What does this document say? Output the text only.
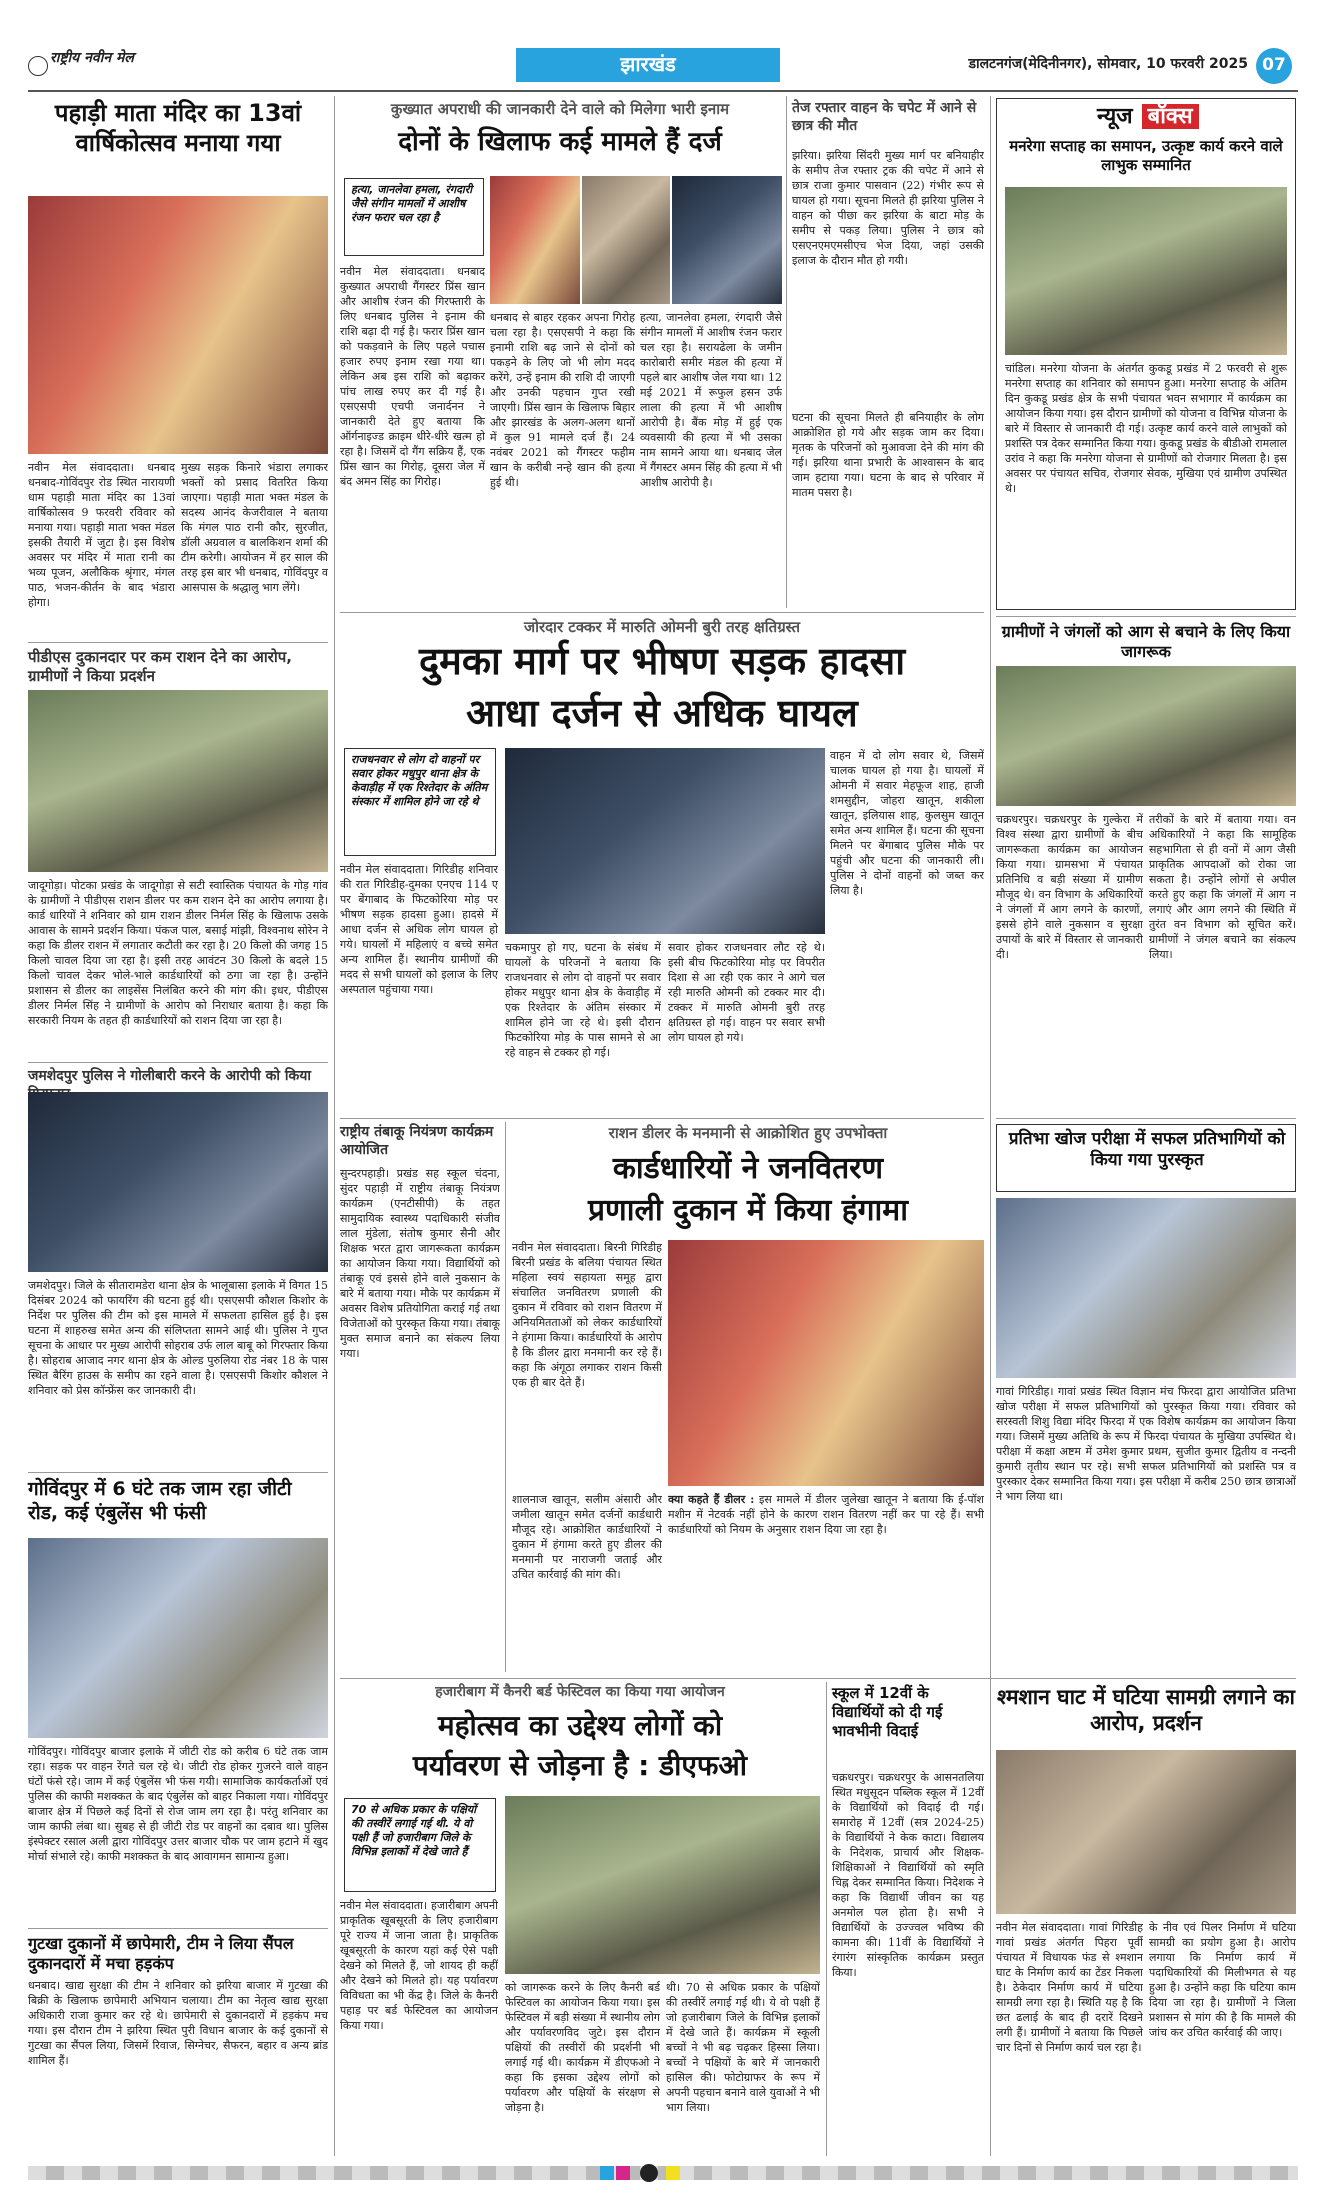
राष्ट्रीय नवीन मेल	झारखंड	डालटनगंज(मेदिनीनगर), सोमवार, 10 फरवरी 2025 07
पहाड़ी माता मंदिर का 13वां वार्षिकोत्सव मनाया गया
नवीन मेल संवाददाता। धनबाद धनबाद-गोविंदपुर रोड स्थित नारायणी धाम पहाड़ी माता मंदिर का 13वां वार्षिकोत्सव 9 फरवरी रविवार को मनाया गया। पहाड़ी माता भक्त मंडल इसकी तैयारी में जुटा है। इस विशेष अवसर पर मंदिर में माता रानी का भव्य पूजन, अलौकिक श्रृंगार, मंगल पाठ, भजन-कीर्तन के बाद भंडारा होगा।
मुख्य सड़क किनारे भंडारा लगाकर भक्तों को प्रसाद वितरित किया जाएगा। पहाड़ी माता भक्त मंडल के सदस्य आनंद केजरीवाल ने बताया कि मंगल पाठ रानी कौर, सुरजीत, डॉली अग्रवाल व बालकिशन शर्मा की टीम करेगी। आयोजन में हर साल की तरह इस बार भी धनबाद, गोविंदपुर व आसपास के श्रद्धालु भाग लेंगे।
पीडीएस दुकानदार पर कम राशन देने का आरोप, ग्रामीणों ने किया प्रदर्शन
जादूगोड़ा। पोटका प्रखंड के जादूगोड़ा से सटी स्वास्तिक पंचायत के गोड़ गांव के ग्रामीणों ने पीडीएस राशन डीलर पर कम राशन देने का आरोप लगाया है। कार्ड धारियों ने शनिवार को ग्राम राशन डीलर निर्मल सिंह के खिलाफ उसके आवास के सामने प्रदर्शन किया। पंकज पाल, बसाई मांझी, विश्वनाथ सोरेन ने कहा कि डीलर राशन में लगातार कटौती कर रहा है। 20 किलो की जगह 15 किलो चावल दिया जा रहा है। इसी तरह आवंटन 30 किलो के बदले 15 किलो चावल देकर भोले-भाले कार्डधारियों को ठगा जा रहा है। उन्होंने प्रशासन से डीलर का लाइसेंस निलंबित करने की मांग की। इधर, पीडीएस डीलर निर्मल सिंह ने ग्रामीणों के आरोप को निराधार बताया है। कहा कि सरकारी नियम के तहत ही कार्डधारियों को राशन दिया जा रहा है।
जमशेदपुर पुलिस ने गोलीबारी करने के आरोपी को किया
जमशेदपुर। जिले के सीतारामडेरा थाना क्षेत्र के भालूबासा इलाके में विगत 15 दिसंबर 2024 को फायरिंग की घटना हुई थी। एसएसपी कौशल किशोर के निर्देश पर पुलिस की टीम को इस मामले में सफलता हासिल हुई है। इस घटना में शाहरुख समेत अन्य की संलिप्तता सामने आई थी। पुलिस ने गुप्त सूचना के आधार पर मुख्य आरोपी सोहराब उर्फ लाल बाबू को गिरफ्तार किया है। सोहराब आजाद नगर थाना क्षेत्र के ओल्ड पुरुलिया रोड नंबर 18 के पास स्थित बैरिंग हाउस के समीप का रहने वाला है। एसएसपी किशोर कौशल ने शनिवार को प्रेस कॉन्फ्रेंस कर जानकारी दी।
गोविंदपुर में 6 घंटे तक जाम रहा जीटी रोड, कई एंबुलेंस भी फंसी
गोविंदपुर। गोविंदपुर बाजार इलाके में जीटी रोड को करीब 6 घंटे तक जाम रहा। सड़क पर वाहन रेंगते चल रहे थे। जीटी रोड होकर गुजरने वाले वाहन घंटों फंसे रहे। जाम में कई एंबुलेंस भी फंस गयी। सामाजिक कार्यकर्ताओं एवं पुलिस की काफी मशक्कत के बाद एंबुलेंस को बाहर निकाला गया। गोविंदपुर बाजार क्षेत्र में पिछले कई दिनों से रोज जाम लग रहा है। परंतु शनिवार का जाम काफी लंबा था। सुबह से ही जीटी रोड पर वाहनों का दबाव था। पुलिस इंस्पेक्टर रसाल अली द्वारा गोविंदपुर उत्तर बाजार चौक पर जाम हटाने में खुद मोर्चा संभाले रहे। काफी मशक्कत के बाद आवागमन सामान्य हुआ।
गुटखा दुकानों में छापेमारी, टीम ने लिया सैंपल दुकानदारों में मचा हड़कंप
धनबाद। खाद्य सुरक्षा की टीम ने शनिवार को झरिया बाजार में गुटखा की बिक्री के खिलाफ छापेमारी अभियान चलाया। टीम का नेतृत्व खाद्य सुरक्षा अधिकारी राजा कुमार कर रहे थे। छापेमारी से दुकानदारों में हड़कंप मच गया। इस दौरान टीम ने झरिया स्थित पुरी विधान बाजार के कई दुकानों से गुटखा का सैंपल लिया, जिसमें रिवाज, सिग्नेचर, सैफरन, बहार व अन्य ब्रांड शामिल हैं।
कुख्यात अपराधी की जानकारी देने वाले को मिलेगा भारी इनाम
दोनों के खिलाफ कई मामले हैं दर्ज
हत्या, जानलेवा हमला, रंगदारी जैसे संगीन मामलों में आशीष रंजन फरार चल रहा है
नवीन मेल संवाददाता। धनबाद कुख्यात अपराधी गैंगस्टर प्रिंस खान और आशीष रंजन की गिरफ्तारी के लिए धनबाद पुलिस ने इनाम की राशि बढ़ा दी गई है। फरार प्रिंस खान को पकड़वाने के लिए पहले पचास हजार रुपए इनाम रखा गया था। लेकिन अब इस राशि को बढ़ाकर पांच लाख रुपए कर दी गई है। एसएसपी एचपी जनार्दनन ने जानकारी देते हुए बताया कि ऑर्गनाइज्ड क्राइम धीरे-धीरे खत्म हो रहा है। जिसमें दो गैंग सक्रिय हैं, एक प्रिंस खान का गिरोह, दूसरा जेल में बंद अमन सिंह का गिरोह।
धनबाद से बाहर रहकर अपना गिरोह चला रहा है। एसएसपी ने कहा कि इनामी राशि बढ़ जाने से दोनों को पकड़ने के लिए जो भी लोग मदद करेंगे, उन्हें इनाम की राशि दी जाएगी और उनकी पहचान गुप्त रखी जाएगी। प्रिंस खान के खिलाफ बिहार और झारखंड के अलग-अलग थानों में कुल 91 मामले दर्ज हैं। 24 नवंबर 2021 को गैंगस्टर फहीम खान के करीबी नन्हे खान की हत्या हुई थी।
हत्या, जानलेवा हमला, रंगदारी जैसे संगीन मामलों में आशीष रंजन फरार चल रहा है। सरायढेला के जमीन कारोबारी समीर मंडल की हत्या में पहले बार आशीष जेल गया था। 12 मई 2021 में रूफुल हसन उर्फ लाला की हत्या में भी आशीष आरोपी है। बैंक मोड़ में हुई एक व्यवसायी की हत्या में भी उसका नाम सामने आया था। धनबाद जेल में गैंगस्टर अमन सिंह की हत्या में भी आशीष आरोपी है।
तेज रफ्तार वाहन के चपेट में आने से छात्र की मौत
झरिया। झरिया सिंदरी मुख्य मार्ग पर बनियाहीर के समीप तेज रफ्तार ट्रक की चपेट में आने से छात्र राजा कुमार पासवान (22) गंभीर रूप से घायल हो गया। सूचना मिलते ही झरिया पुलिस ने वाहन को पीछा कर झरिया के बाटा मोड़ के समीप से पकड़ लिया। पुलिस ने छात्र को एसएनएमएमसीएच भेज दिया, जहां उसकी इलाज के दौरान मौत हो गयी।
घटना की सूचना मिलते ही बनियाहीर के लोग आक्रोशित हो गये और सड़क जाम कर दिया। मृतक के परिजनों को मुआवजा देने की मांग की गई। झरिया थाना प्रभारी के आश्वासन के बाद जाम हटाया गया। घटना के बाद से परिवार में मातम पसरा है।
न्यूज बॉक्स
मनरेगा सप्ताह का समापन, उत्कृष्ट कार्य करने वाले लाभुक सम्मानित
चांडिल। मनरेगा योजना के अंतर्गत कुकडू प्रखंड में 2 फरवरी से शुरू मनरेगा सप्ताह का शनिवार को समापन हुआ। मनरेगा सप्ताह के अंतिम दिन कुकडू प्रखंड क्षेत्र के सभी पंचायत भवन सभागार में कार्यक्रम का आयोजन किया गया। इस दौरान ग्रामीणों को योजना व विभिन्न योजना के बारे में विस्तार से जानकारी दी गई। उत्कृष्ट कार्य करने वाले लाभुकों को प्रशस्ति पत्र देकर सम्मानित किया गया। कुकडू प्रखंड के बीडीओ रामलाल उरांव ने कहा कि मनरेगा योजना से ग्रामीणों को रोजगार मिलता है। इस अवसर पर पंचायत सचिव, रोजगार सेवक, मुखिया एवं ग्रामीण उपस्थित थे।
जोरदार टक्कर में मारुति ओमनी बुरी तरह क्षतिग्रस्त
दुमका मार्ग पर भीषण सड़क हादसा
आधा दर्जन से अधिक घायल
राजधनवार से लोग दो वाहनों पर सवार होकर मधुपुर थाना क्षेत्र के केवाड़ीह में एक रिश्तेदार के अंतिम संस्कार में शामिल होने जा रहे थे
नवीन मेल संवाददाता। गिरिडीह शनिवार की रात गिरिडीह-दुमका एनएच 114 ए पर बेंगाबाद के फिटकोरिया मोड़ पर भीषण सड़क हादसा हुआ। हादसे में आधा दर्जन से अधिक लोग घायल हो गये। घायलों में महिलाएं व बच्चे समेत अन्य शामिल हैं। स्थानीय ग्रामीणों की मदद से सभी घायलों को इलाज के लिए अस्पताल पहुंचाया गया।
चकमापुर हो गए, घटना के संबंध में घायलों के परिजनों ने बताया कि राजधनवार से लोग दो वाहनों पर सवार होकर मधुपुर थाना क्षेत्र के केवाड़ीह में एक रिश्तेदार के अंतिम संस्कार में शामिल होने जा रहे थे। इसी दौरान फिटकोरिया मोड़ के पास सामने से आ रहे वाहन से टक्कर हो गई।
सवार होकर राजधनवार लौट रहे थे। इसी बीच फिटकोरिया मोड़ पर विपरीत दिशा से आ रही एक कार ने आगे चल रही मारुति ओमनी को टक्कर मार दी। टक्कर में मारुति ओमनी बुरी तरह क्षतिग्रस्त हो गई। वाहन पर सवार सभी लोग घायल हो गये।
वाहन में दो लोग सवार थे, जिसमें चालक घायल हो गया है। घायलों में ओमनी में सवार मेहफूज शाह, हाजी शमसुद्दीन, जोहरा खातून, शकीला खातून, इलियास शाह, कुलसुम खातून समेत अन्य शामिल हैं। घटना की सूचना मिलने पर बेंगाबाद पुलिस मौके पर पहुंची और घटना की जानकारी ली। पुलिस ने दोनों वाहनों को जब्त कर लिया है।
ग्रामीणों ने जंगलों को आग से बचाने के लिए किया जागरूक
चक्रधरपुर। चक्रधरपुर के गुल्केरा में विश्व संस्था द्वारा ग्रामीणों के बीच जागरूकता कार्यक्रम का आयोजन किया गया। ग्रामसभा में पंचायत प्रतिनिधि व बड़ी संख्या में ग्रामीण मौजूद थे। वन विभाग के अधिकारियों ने जंगलों में आग लगने के कारणों, इससे होने वाले नुकसान व सुरक्षा उपायों के बारे में विस्तार से जानकारी दी।
तरीकों के बारे में बताया गया। वन अधिकारियों ने कहा कि सामूहिक सहभागिता से ही वनों में आग जैसी प्राकृतिक आपदाओं को रोका जा सकता है। उन्होंने लोगों से अपील करते हुए कहा कि जंगलों में आग न लगाएं और आग लगने की स्थिति में तुरंत वन विभाग को सूचित करें। ग्रामीणों ने जंगल बचाने का संकल्प लिया।
राष्ट्रीय तंबाकू नियंत्रण कार्यक्रम आयोजित
सुन्दरपहाड़ी। प्रखंड सह स्कूल चंदना, सुंदर पहाड़ी में राष्ट्रीय तंबाकू नियंत्रण कार्यक्रम (एनटीसीपी) के तहत सामुदायिक स्वास्थ्य पदाधिकारी संजीव लाल मुंडेला, संतोष कुमार सैनी और शिक्षक भरत द्वारा जागरूकता कार्यक्रम का आयोजन किया गया। विद्यार्थियों को तंबाकू एवं इससे होने वाले नुकसान के बारे में बताया गया। मौके पर कार्यक्रम में अवसर विशेष प्रतियोगिता कराई गई तथा विजेताओं को पुरस्कृत किया गया। तंबाकू मुक्त समाज बनाने का संकल्प लिया गया।
राशन डीलर के मनमानी से आक्रोशित हुए उपभोक्ता
कार्डधारियों ने जनवितरण
प्रणाली दुकान में किया हंगामा
नवीन मेल संवाददाता। बिरनी गिरिडीह बिरनी प्रखंड के बलिया पंचायत स्थित महिला स्वयं सहायता समूह द्वारा संचालित जनवितरण प्रणाली की दुकान में रविवार को राशन वितरण में अनियमितताओं को लेकर कार्डधारियों ने हंगामा किया। कार्डधारियों के आरोप है कि डीलर द्वारा मनमानी कर रहे हैं। कहा कि अंगूठा लगाकर राशन किसी एक ही बार देते हैं।
शालनाज खातून, सलीम अंसारी और जमीला खातून समेत दर्जनों कार्डधारी मौजूद रहे। आक्रोशित कार्डधारियों ने दुकान में हंगामा करते हुए डीलर की मनमानी पर नाराजगी जताई और उचित कार्रवाई की मांग की।
क्या कहते हैं डीलर : इस मामले में डीलर जुलेखा खातून ने बताया कि ई-पॉश मशीन में नेटवर्क नहीं होने के कारण राशन वितरण नहीं कर पा रहे हैं। सभी कार्डधारियों को नियम के अनुसार राशन दिया जा रहा है।
प्रतिभा खोज परीक्षा में सफल प्रतिभागियों को किया गया पुरस्कृत
गावां गिरिडीह। गावां प्रखंड स्थित विज्ञान मंच फिरदा द्वारा आयोजित प्रतिभा खोज परीक्षा में सफल प्रतिभागियों को पुरस्कृत किया गया। रविवार को सरस्वती शिशु विद्या मंदिर फिरदा में एक विशेष कार्यक्रम का आयोजन किया गया। जिसमें मुख्य अतिथि के रूप में फिरदा पंचायत के मुखिया उपस्थित थे। परीक्षा में कक्षा अष्टम में उमेश कुमार प्रथम, सुजीत कुमार द्वितीय व नन्दनी कुमारी तृतीय स्थान पर रहे। सभी सफल प्रतिभागियों को प्रशस्ति पत्र व पुरस्कार देकर सम्मानित किया गया। इस परीक्षा में करीब 250 छात्र छात्राओं ने भाग लिया था।
हजारीबाग में कैनरी बर्ड फेस्टिवल का किया गया आयोजन
महोत्सव का उद्देश्य लोगों को
पर्यावरण से जोड़ना है : डीएफओ
70 से अधिक प्रकार के पक्षियों की तस्वीरें लगाई गई थी. ये वो पक्षी हैं जो हजारीबाग जिले के विभिन्न इलाकों में देखे जाते हैं
नवीन मेल संवाददाता। हजारीबाग अपनी प्राकृतिक खूबसूरती के लिए हजारीबाग पूरे राज्य में जाना जाता है। प्राकृतिक खूबसूरती के कारण यहां कई ऐसे पक्षी देखने को मिलते हैं, जो शायद ही कहीं और देखने को मिलते हो। यह पर्यावरण विविधता का भी केंद्र है। जिले के कैनरी पहाड़ पर बर्ड फेस्टिवल का आयोजन किया गया।
को जागरूक करने के लिए कैनरी बर्ड फेस्टिवल का आयोजन किया गया। इस फेस्टिवल में बड़ी संख्या में स्थानीय लोग और पर्यावरणविद जुटे। इस दौरान पक्षियों की तस्वीरों की प्रदर्शनी भी लगाई गई थी। कार्यक्रम में डीएफओ ने कहा कि इसका उद्देश्य लोगों को पर्यावरण और पक्षियों के संरक्षण से जोड़ना है।
थी। 70 से अधिक प्रकार के पक्षियों की तस्वीरें लगाई गई थी। ये वो पक्षी हैं जो हजारीबाग जिले के विभिन्न इलाकों में देखे जाते हैं। कार्यक्रम में स्कूली बच्चों ने भी बढ़ चढ़कर हिस्सा लिया। बच्चों ने पक्षियों के बारे में जानकारी हासिल की। फोटोग्राफर के रूप में अपनी पहचान बनाने वाले युवाओं ने भी भाग लिया।
स्कूल में 12वीं के विद्यार्थियों को दी गई भावभीनी विदाई
चक्रधरपुर। चक्रधरपुर के आसनतलिया स्थित मधुसूदन पब्लिक स्कूल में 12वीं के विद्यार्थियों को विदाई दी गई। समारोह में 12वीं (सत्र 2024-25) के विद्यार्थियों ने केक काटा। विद्यालय के निदेशक, प्राचार्य और शिक्षक-शिक्षिकाओं ने विद्यार्थियों को स्मृति चिह्न देकर सम्मानित किया। निदेशक ने कहा कि विद्यार्थी जीवन का यह अनमोल पल होता है। सभी ने विद्यार्थियों के उज्ज्वल भविष्य की कामना की। 11वीं के विद्यार्थियों ने रंगारंग सांस्कृतिक कार्यक्रम प्रस्तुत किया।
श्मशान घाट में घटिया सामग्री लगाने का आरोप, प्रदर्शन
नवीन मेल संवाददाता। गावां गिरिडीह गावां प्रखंड अंतर्गत पिहरा पूर्वी पंचायत में विधायक फंड से श्मशान घाट के निर्माण कार्य का टेंडर निकला है। ठेकेदार निर्माण कार्य में घटिया सामग्री लगा रहा है। स्थिति यह है कि छत ढलाई के बाद ही दरारें दिखने लगी हैं। ग्रामीणों ने बताया कि पिछले चार दिनों से निर्माण कार्य चल रहा है।
के नीव एवं पिलर निर्माण में घटिया सामग्री का प्रयोग हुआ है। आरोप लगाया कि निर्माण कार्य में पदाधिकारियों की मिलीभगत से यह हुआ है। उन्होंने कहा कि घटिया काम दिया जा रहा है। ग्रामीणों ने जिला प्रशासन से मांग की है कि मामले की जांच कर उचित कार्रवाई की जाए।
